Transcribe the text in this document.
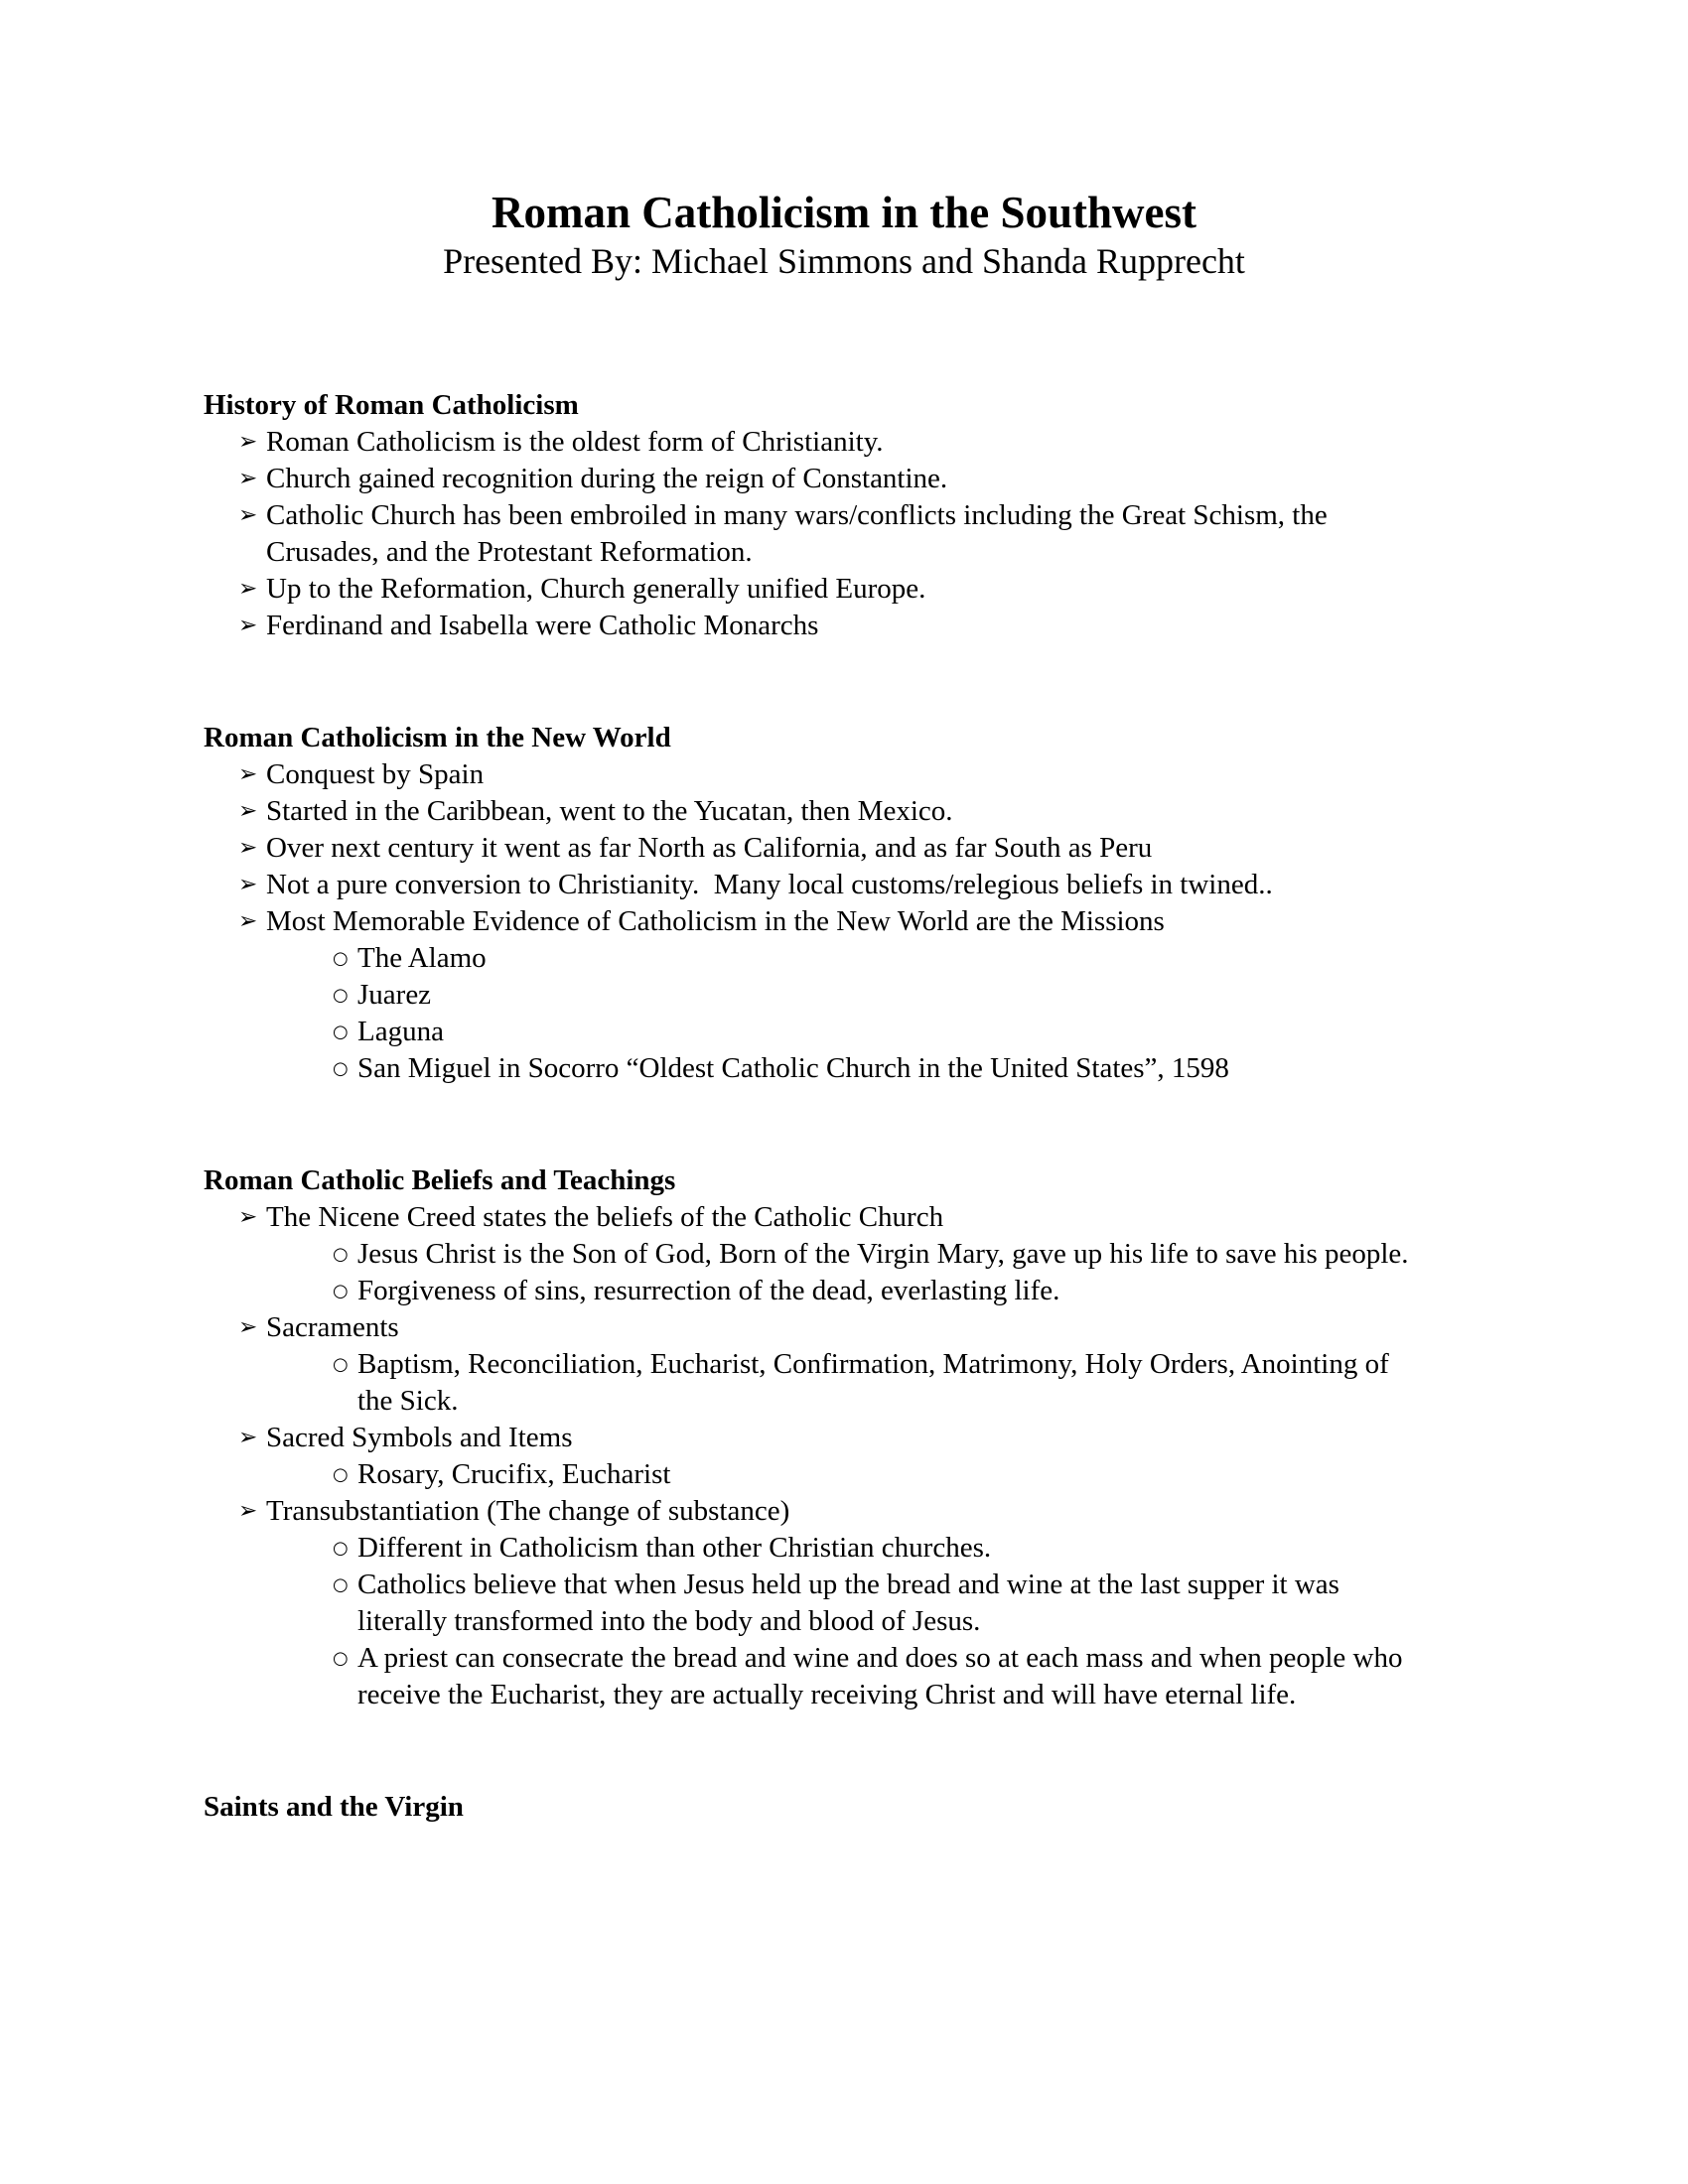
Roman Catholicism in the Southwest
Presented By: Michael Simmons and Shanda Rupprecht
History of Roman Catholicism
➢ Roman Catholicism is the oldest form of Christianity.
➢ Church gained recognition during the reign of Constantine.
➢ Catholic Church has been embroiled in many wars/conflicts including the Great Schism, the Crusades, and the Protestant Reformation.
➢ Up to the Reformation, Church generally unified Europe.
➢ Ferdinand and Isabella were Catholic Monarchs
Roman Catholicism in the New World
➢ Conquest by Spain
➢ Started in the Caribbean, went to the Yucatan, then Mexico.
➢ Over next century it went as far North as California, and as far South as Peru
➢ Not a pure conversion to Christianity.  Many local customs/relegious beliefs in twined..
➢ Most Memorable Evidence of Catholicism in the New World are the Missions
○ The Alamo
○ Juarez
○ Laguna
○ San Miguel in Socorro “Oldest Catholic Church in the United States”, 1598
Roman Catholic Beliefs and Teachings
➢ The Nicene Creed states the beliefs of the Catholic Church
○ Jesus Christ is the Son of God, Born of the Virgin Mary, gave up his life to save his people.
○ Forgiveness of sins, resurrection of the dead, everlasting life.
➢ Sacraments
○ Baptism, Reconciliation, Eucharist, Confirmation, Matrimony, Holy Orders, Anointing of the Sick.
➢ Sacred Symbols and Items
○ Rosary, Crucifix, Eucharist
➢ Transubstantiation (The change of substance)
○ Different in Catholicism than other Christian churches.
○ Catholics believe that when Jesus held up the bread and wine at the last supper it was literally transformed into the body and blood of Jesus.
○ A priest can consecrate the bread and wine and does so at each mass and when people who receive the Eucharist, they are actually receiving Christ and will have eternal life.
Saints and the Virgin
